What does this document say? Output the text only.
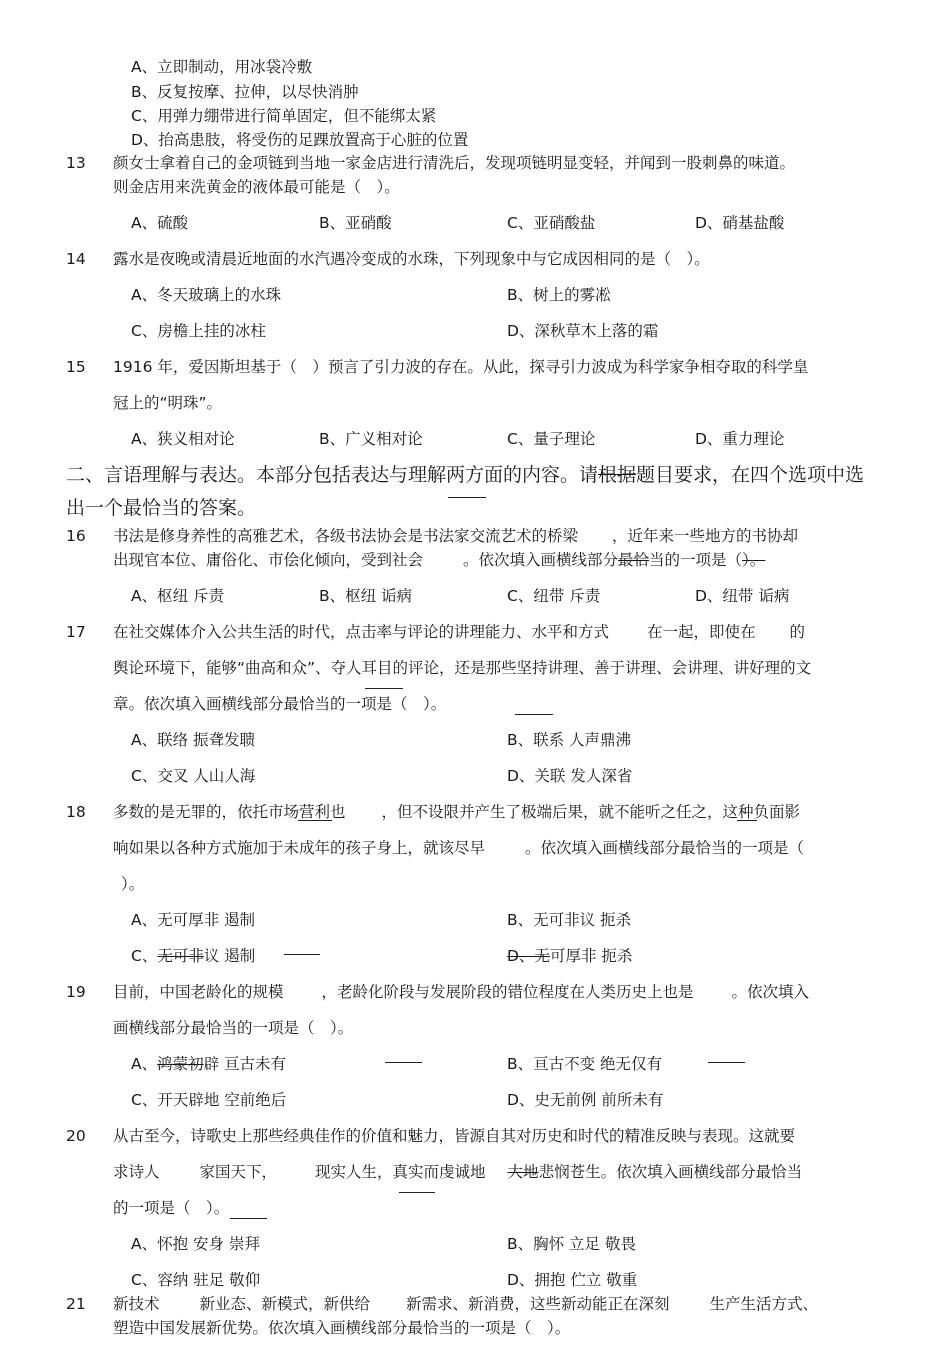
A、立即制动，用冰袋冷敷
B、反复按摩、拉伸，以尽快消肿
C、用弹力绷带进行简单固定，但不能绑太紧
D、抬高患肢，将受伤的足踝放置高于心脏的位置
13 颜女士拿着自己的金项链到当地一家金店进行清洗后，发现项链明显变轻，并闻到一股刺鼻的味道。
则金店用来洗黄金的液体最可能是（　）。
A、硫酸	B、亚硝酸	C、亚硝酸盐	D、硝基盐酸
14 露水是夜晚或清晨近地面的水汽遇冷变成的水珠，下列现象中与它成因相同的是（　）。
A、冬天玻璃上的水珠	B、树上的雾凇
C、房檐上挂的冰柱	D、深秋草木上落的霜
15 1916 年，爱因斯坦基于（　）预言了引力波的存在。从此，探寻引力波成为科学家争相夺取的科学皇
冠上的“明珠”。
A、狭义相对论	B、广义相对论	C、量子理论	D、重力理论
二、言语理解与表达。本部分包括表达与理解两方面的内容。请根据题目要求，在四个选项中选
出一个最恰当的答案。
16 书法是修身养性的高雅艺术，各级书法协会是书法家交流艺术的桥梁 ，近年来一些地方的书协却
出现官本位、庸俗化、市侩化倾向，受到社会	。依次填入画横线部分最恰当的一项是（）。
A、枢纽 斥责	B、枢纽 诟病	C、纽带 斥责	D、纽带 诟病
17 在社交媒体介入公共生活的时代，点击率与评论的讲理能力、水平和方式 在一起，即使在 的
舆论环境下，能够“曲高和众”、夺人耳目的评论，还是那些坚持讲理、善于讲理、会讲理、讲好理的文
章。依次填入画横线部分最恰当的一项是（　）。
A、联络 振聋发聩	B、联系 人声鼎沸
C、交叉 人山人海	D、关联 发人深省
18 多数的是无罪的，依托市场营利也 ，但不设限并产生了极端后果，就不能听之任之，这种负面影
响如果以各种方式施加于未成年的孩子身上，就该尽早	。依次填入画横线部分最恰当的一项是（
）。
A、无可厚非 遏制	B、无可非议 扼杀
C、无可非议 遏制	D、无可厚非 扼杀
19 目前，中国老龄化的规模 ，老龄化阶段与发展阶段的错位程度在人类历史上也是 。依次填入
画横线部分最恰当的一项是（　）。
A、鸿蒙初辟 亘古未有	B、亘古不变 绝无仅有
C、开天辟地 空前绝后	D、史无前例 前所未有
20 从古至今，诗歌史上那些经典佳作的价值和魅力，皆源自其对历史和时代的精准反映与表现。这就要
求诗人	家国天下， 现实人生，真实而虔诚地 大地悲悯苍生。依次填入画横线部分最恰当
的一项是（　）。
A、怀抱 安身 崇拜	B、胸怀 立足 敬畏
C、容纳 驻足 敬仰	D、拥抱 伫立 敬重
21 新技术	新业态、新模式，新供给 新需求、新消费，这些新动能正在深刻	生产生活方式、
塑造中国发展新优势。依次填入画横线部分最恰当的一项是（　）。
